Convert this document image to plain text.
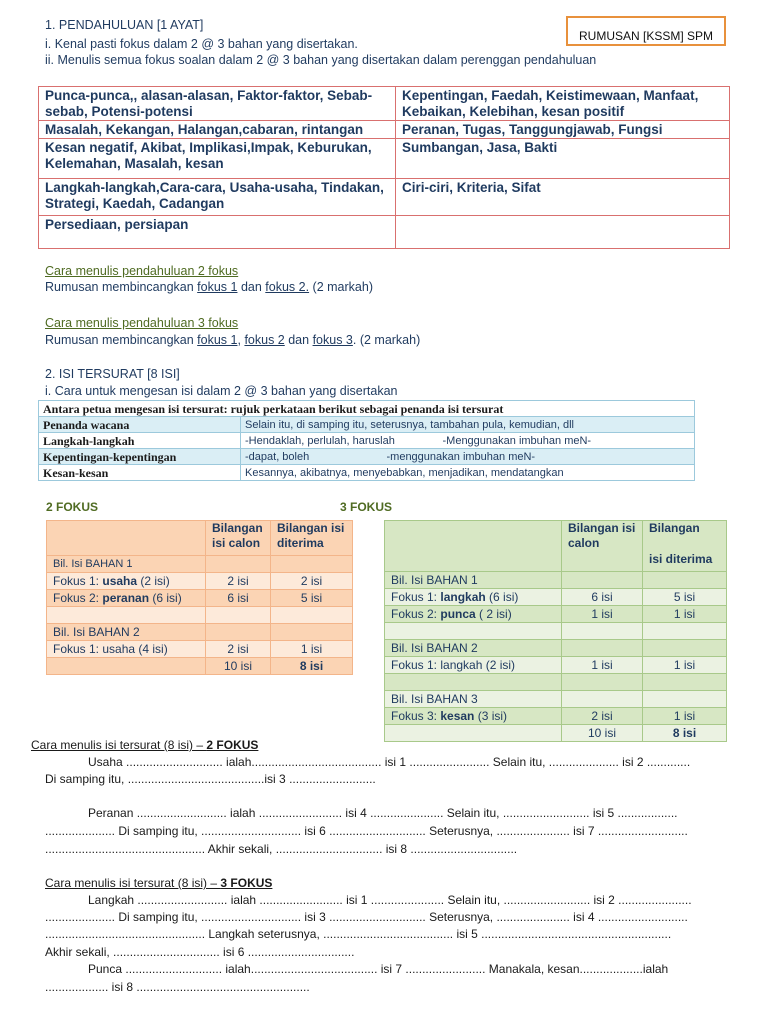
1. PENDAHULUAN [1 AYAT]
i. Kenal pasti fokus dalam 2 @ 3 bahan yang disertakan.
ii. Menulis semua fokus soalan dalam 2 @ 3 bahan yang disertakan dalam perenggan pendahuluan
RUMUSAN [KSSM] SPM
Punca-punca,, alasan-alasan, Faktor-faktor, Sebab-sebab, Potensi-potensi	Kepentingan, Faedah, Keistimewaan, Manfaat, Kebaikan, Kelebihan, kesan positif
Masalah, Kekangan, Halangan,cabaran, rintangan	Peranan, Tugas, Tanggungjawab, Fungsi
Kesan negatif, Akibat, Implikasi,Impak, Keburukan, Kelemahan, Masalah, kesan	Sumbangan, Jasa, Bakti
Langkah-langkah,Cara-cara, Usaha-usaha, Tindakan, Strategi, Kaedah, Cadangan	Ciri-ciri, Kriteria, Sifat
Persediaan, persiapan	
Cara menulis pendahuluan 2 fokus
Rumusan membincangkan fokus 1 dan fokus 2. (2 markah)
Cara menulis pendahuluan 3 fokus
Rumusan membincangkan fokus 1, fokus 2 dan fokus 3. (2 markah)
2. ISI TERSURAT [8 ISI]
i. Cara untuk mengesan isi dalam 2 @ 3 bahan yang disertakan
Antara petua mengesan isi tersurat: rujuk perkataan berikut sebagai penanda isi tersurat	
Penanda wacana	Selain itu, di samping itu, seterusnya, tambahan pula, kemudian, dll
Langkah-langkah	-Hendaklah, perlulah, haruslah -Menggunakan imbuhan meN-

Kepentingan-kepentingan	-dapat, boleh -menggunakan imbuhan meN-

Kesan-kesan	Kesannya, akibatnya, menyebabkan, menjadikan, mendatangkan
2 FOKUS
	Bilangan isi calon	Bilangan isi diterima
Bil. Isi BAHAN 1		
Fokus 1: usaha (2 isi)	2 isi	2 isi
Fokus 2: peranan (6 isi)	6 isi	5 isi

Bil. Isi BAHAN 2		
Fokus 1: usaha (4 isi)	2 isi	1 isi
	10 isi	8 isi
3 FOKUS
	Bilangan isi calon	Bilangan
isi diterima

Bil. Isi BAHAN 1		
Fokus 1: langkah (6 isi)	6 isi	5 isi
Fokus 2: punca ( 2 isi)	1 isi	1 isi

Bil. Isi BAHAN 2		
Fokus 1: langkah (2 isi)	1 isi	1 isi

Bil. Isi BAHAN 3		
Fokus 3: kesan (3 isi)	2 isi	1 isi
	10 isi	8 isi
Cara menulis isi tersurat (8 isi) – 2 FOKUS
Usaha ............................. ialah....................................... isi 1 ........................ Selain itu, ..................... isi 2 .............
Di samping itu, .........................................isi 3 ..........................
Peranan ........................... ialah ......................... isi 4 ...................... Selain itu, .......................... isi 5 ..................
..................... Di samping itu, .............................. isi 6 ............................. Seterusnya, ...................... isi 7 ...........................
................................................ Akhir sekali, ................................ isi 8 ................................
Cara menulis isi tersurat (8 isi) – 3 FOKUS
Langkah ........................... ialah ......................... isi 1 ...................... Selain itu, .......................... isi 2 ......................
..................... Di samping itu, .............................. isi 3 ............................. Seterusnya, ...................... isi 4 ...........................
................................................ Langkah seterusnya, ....................................... isi 5 .........................................................
Akhir sekali, ................................ isi 6 ................................
Punca ............................. ialah...................................... isi 7 ........................ Manakala, kesan...................ialah
................... isi 8 ....................................................
